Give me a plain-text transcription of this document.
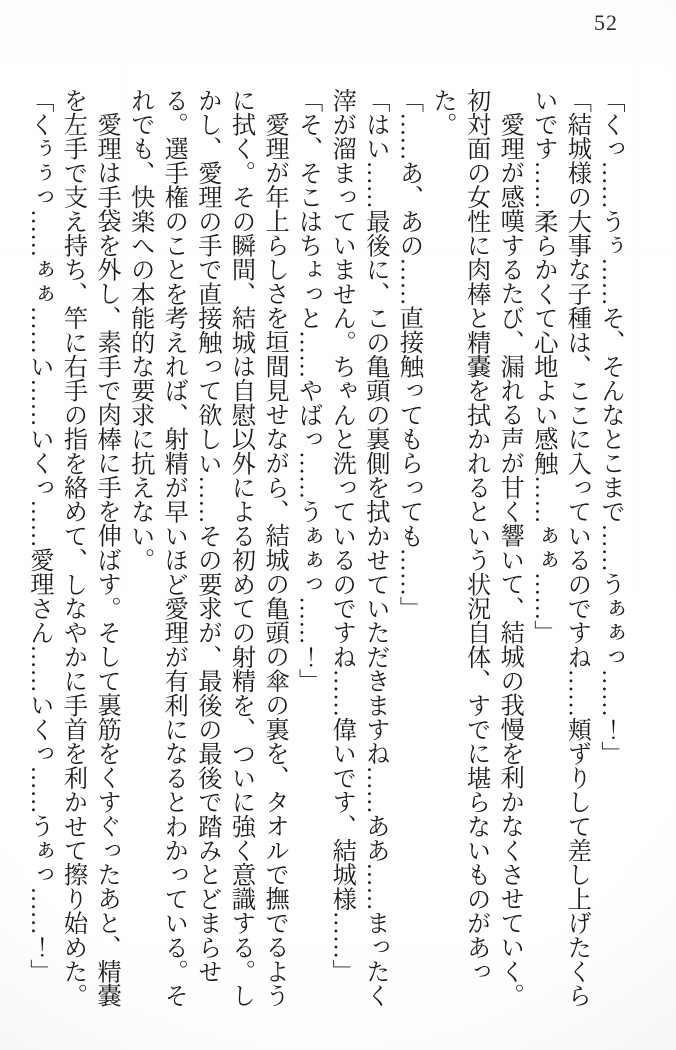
52

「くっ……うぅ……そ、そんなとこまで……うぁぁっ……！」

「結城様の大事な子種は、ここに入っているのですね……頬ずりして差し上げたくらいです……柔らかくて心地よい感触……ぁぁ……」

愛理が感嘆するたび、漏れる声が甘く響いて、結城の我慢を利かなくさせていく。初対面の女性に肉棒と精嚢を拭かれるという状況自体、すでに堪らないものがあった。

「……あ、あの……直接触ってもらっても……」

「はい……最後に、この亀頭の裏側を拭かせていただきますね……ああ……まったく滓が溜まっていません。ちゃんと洗っているのですね……偉いです、結城様……」

「そ、そこはちょっと……やばっ……うぁぁっ……！」

愛理が年上らしさを垣間見せながら、結城の亀頭の傘の裏を、タオルで撫でるように拭く。その瞬間、結城は自慰以外による初めての射精を、ついに強く意識する。しかし、愛理の手で直接触って欲しい……その要求が、最後の最後で踏みとどまらせる。選手権のことを考えれば、射精が早いほど愛理が有利になるとわかっている。それでも、快楽への本能的な要求に抗えない。

愛理は手袋を外し、素手で肉棒に手を伸ばす。そして裏筋をくすぐったあと、精嚢を左手で支え持ち、竿に右手の指を絡めて、しなやかに手首を利かせて擦り始めた。

「くぅぅっ……ぁぁ……い……いくっ……愛理さん……いくっ……うぁっ……！」
